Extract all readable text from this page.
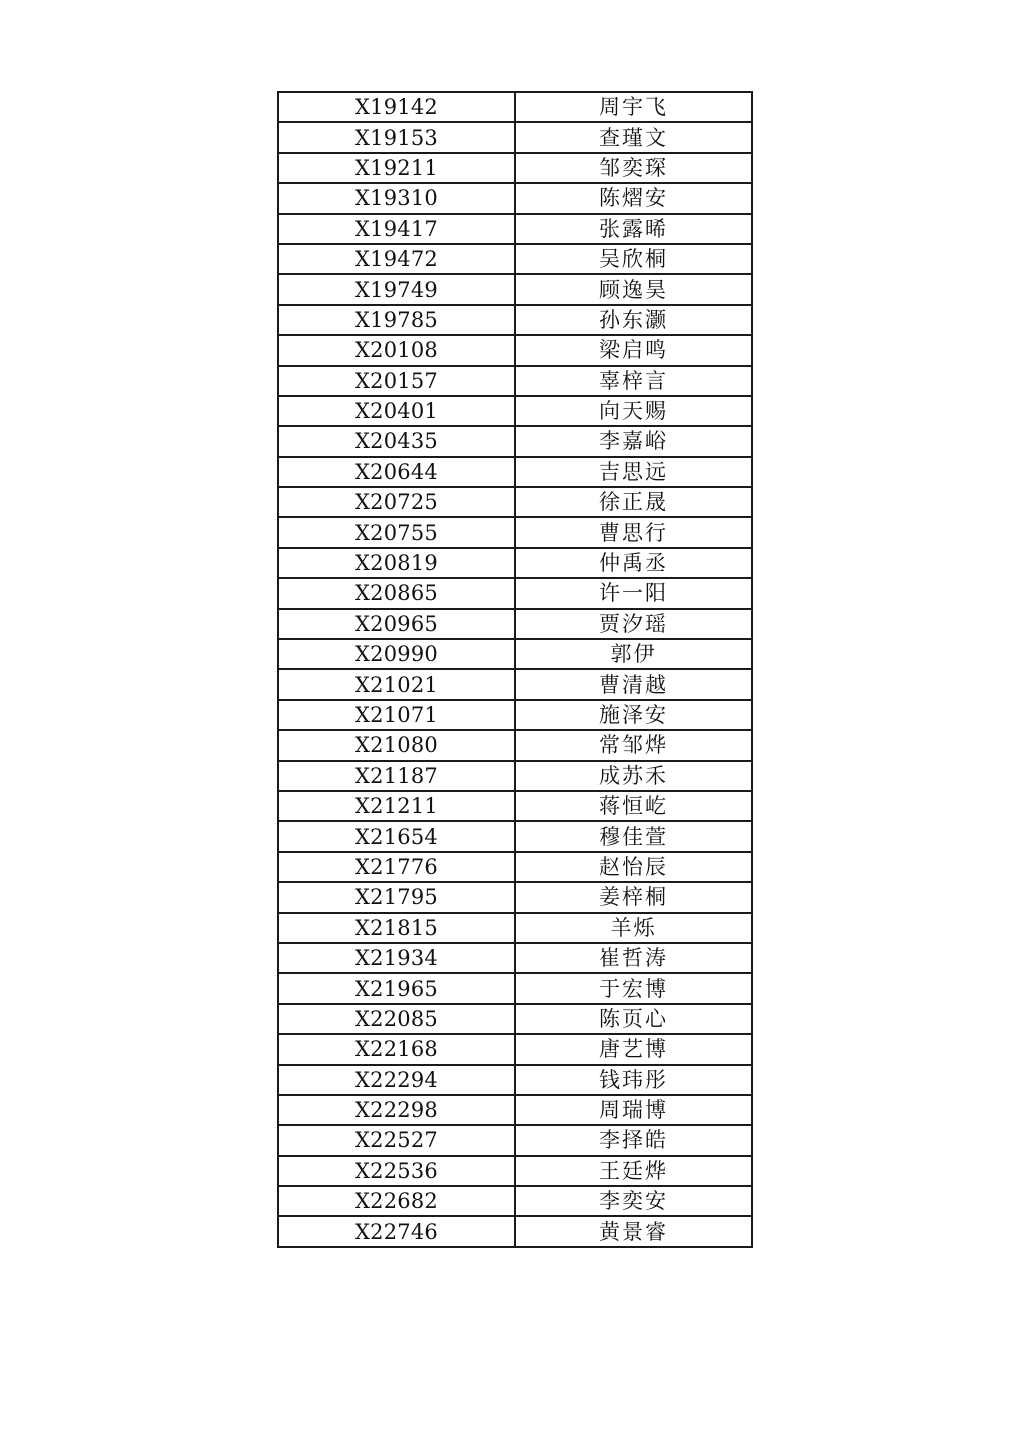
X19142	周宇飞
X19153	查瑾文
X19211	邹奕琛
X19310	陈熠安
X19417	张露晞
X19472	吴欣桐
X19749	顾逸昊
X19785	孙东灏
X20108	梁启鸣
X20157	辜梓言
X20401	向天赐
X20435	李嘉峪
X20644	吉思远
X20725	徐正晟
X20755	曹思行
X20819	仲禹丞
X20865	许一阳
X20965	贾汐瑶
X20990	郭伊
X21021	曹清越
X21071	施泽安
X21080	常邹烨
X21187	成苏禾
X21211	蒋恒屹
X21654	穆佳萱
X21776	赵怡辰
X21795	姜梓桐
X21815	羊烁
X21934	崔哲涛
X21965	于宏博
X22085	陈页心
X22168	唐艺博
X22294	钱玮彤
X22298	周瑞博
X22527	李择皓
X22536	王廷烨
X22682	李奕安
X22746	黄景睿
